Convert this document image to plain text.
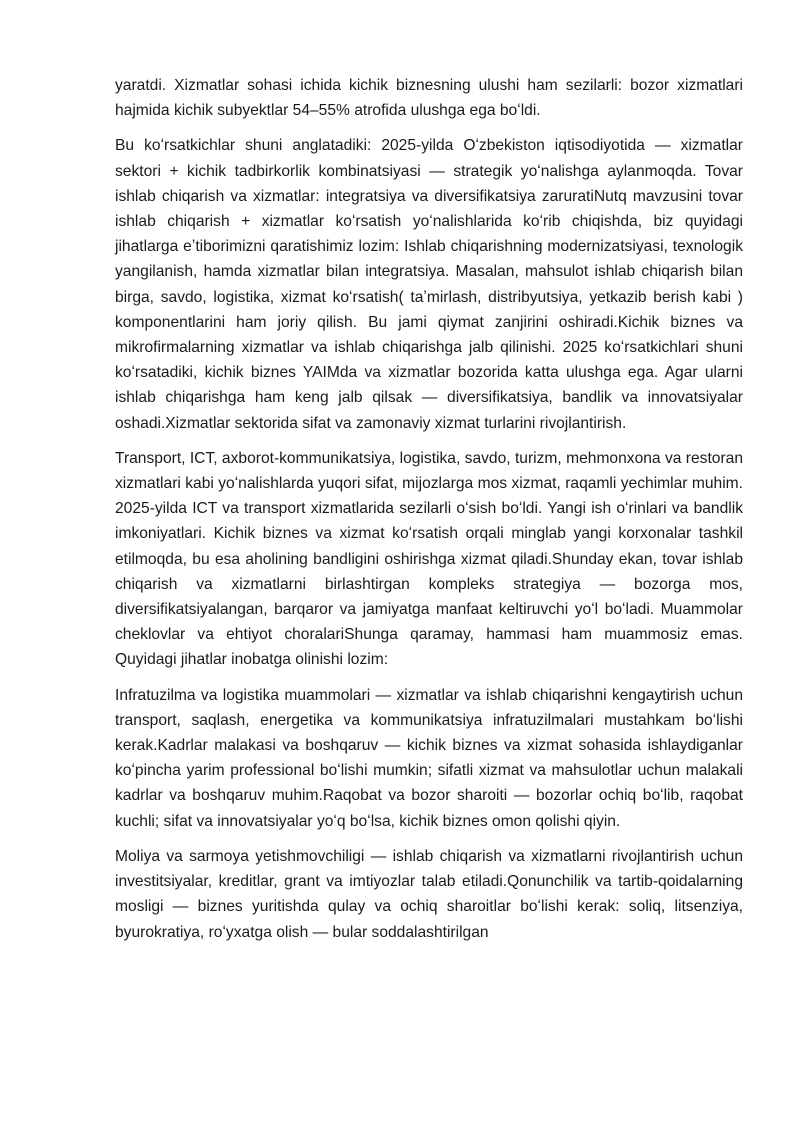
yaratdi. Xizmatlar sohasi ichida kichik biznesning ulushi ham sezilarli: bozor xizmatlari hajmida kichik subyektlar 54–55% atrofida ulushga ega boʻldi.

Bu koʻrsatkichlar shuni anglatadiki: 2025-yilda Oʻzbekiston iqtisodiyotida — xizmatlar sektori + kichik tadbirkorlik kombinatsiyasi — strategik yoʻnalishga aylanmoqda. Tovar ishlab chiqarish va xizmatlar: integratsiya va diversifikatsiya zaruratiNutq mavzusini tovar ishlab chiqarish + xizmatlar koʻrsatish yoʻnalishlarida koʻrib chiqishda, biz quyidagi jihatlarga eʼtiborimizni qaratishimiz lozim: Ishlab chiqarishning modernizatsiyasi, texnologik yangilanish, hamda xizmatlar bilan integratsiya. Masalan, mahsulot ishlab chiqarish bilan birga, savdo, logistika, xizmat koʻrsatish( taʼmirlash, distribyutsiya, yetkazib berish kabi ) komponentlarini ham joriy qilish. Bu jami qiymat zanjirini oshiradi.Kichik biznes va mikrofirmalarning xizmatlar va ishlab chiqarishga jalb qilinishi. 2025 koʻrsatkichlari shuni koʻrsatadiki, kichik biznes YAIMda va xizmatlar bozorida katta ulushga ega. Agar ularni ishlab chiqarishga ham keng jalb qilsak — diversifikatsiya, bandlik va innovatsiyalar oshadi.Xizmatlar sektorida sifat va zamonaviy xizmat turlarini rivojlantirish.

Transport, ICT, axborot-kommunikatsiya, logistika, savdo, turizm, mehmonxona va restoran xizmatlari kabi yoʻnalishlarda yuqori sifat, mijozlarga mos xizmat, raqamli yechimlar muhim. 2025-yilda ICT va transport xizmatlarida sezilarli oʻsish boʻldi. Yangi ish oʻrinlari va bandlik imkoniyatlari. Kichik biznes va xizmat koʻrsatish orqali minglab yangi korxonalar tashkil etilmoqda, bu esa aholining bandligini oshirishga xizmat qiladi.Shunday ekan, tovar ishlab chiqarish va xizmatlarni birlashtirgan kompleks strategiya — bozorga mos, diversifikatsiyalangan, barqaror va jamiyatga manfaat keltiruvchi yoʻl boʻladi. Muammolar cheklovlar va ehtiyot choralariShunga qaramay, hammasi ham muammosiz emas. Quyidagi jihatlar inobatga olinishi lozim:

Infratuzilma va logistika muammolari — xizmatlar va ishlab chiqarishni kengaytirish uchun transport, saqlash, energetika va kommunikatsiya infratuzilmalari mustahkam boʻlishi kerak.Kadrlar malakasi va boshqaruv — kichik biznes va xizmat sohasida ishlaydiganlar koʻpincha yarim professional boʻlishi mumkin; sifatli xizmat va mahsulotlar uchun malakali kadrlar va boshqaruv muhim.Raqobat va bozor sharoiti — bozorlar ochiq boʻlib, raqobat kuchli; sifat va innovatsiyalar yoʻq boʻlsa, kichik biznes omon qolishi qiyin.

Moliya va sarmoya yetishmovchiligi — ishlab chiqarish va xizmatlarni rivojlantirish uchun investitsiyalar, kreditlar, grant va imtiyozlar talab etiladi.Qonunchilik va tartib-qoidalarning mosligi — biznes yuritishda qulay va ochiq sharoitlar boʻlishi kerak: soliq, litsenziya, byurokratiya, roʻyxatga olish — bular soddalashtirilgan
